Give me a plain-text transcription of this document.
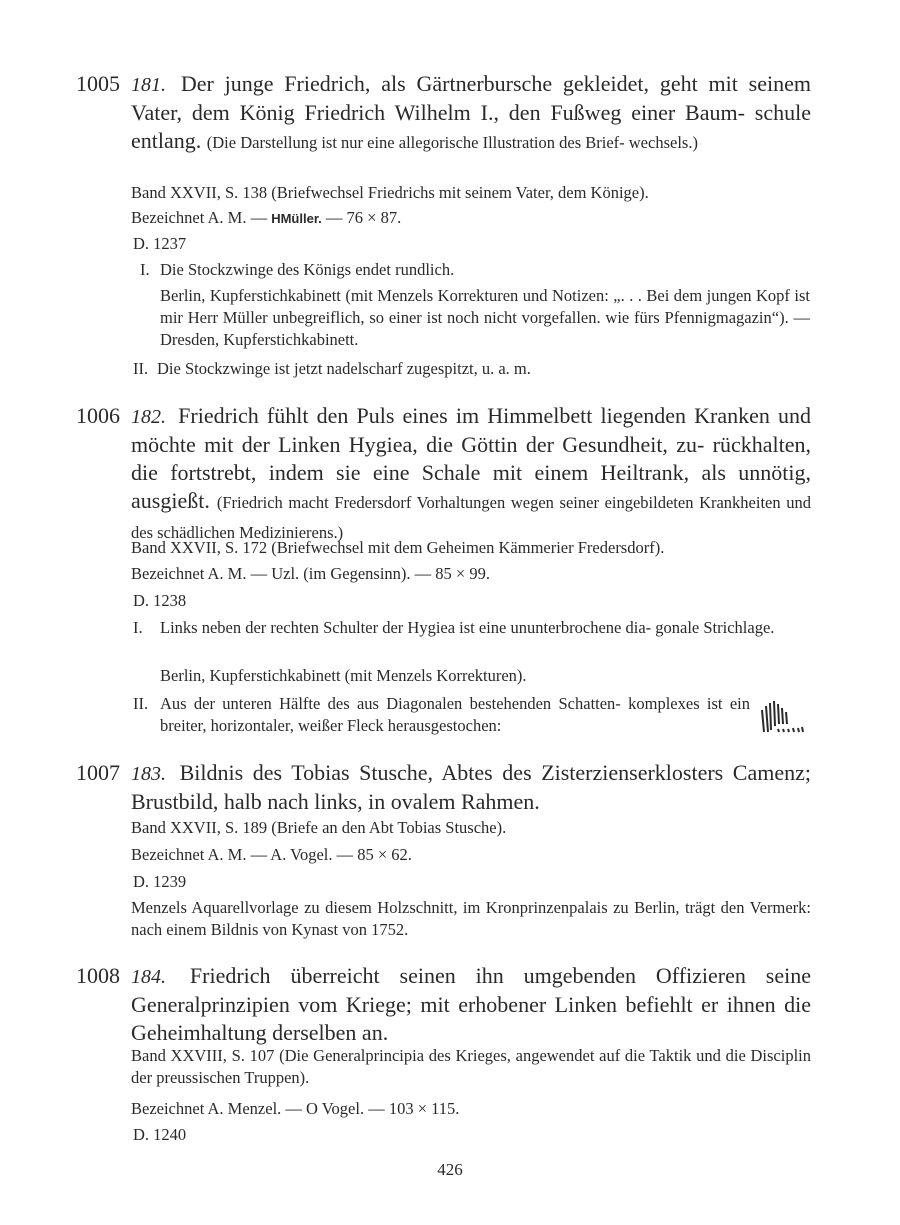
1005 181. Der junge Friedrich, als Gärtnerbursche gekleidet, geht mit seinem Vater, dem König Friedrich Wilhelm I., den Fußweg einer Baum- schule entlang. (Die Darstellung ist nur eine allegorische Illustration des Brief- wechsels.)
Band XXVII, S. 138 (Briefwechsel Friedrichs mit seinem Vater, dem Könige).
Bezeichnet A. M. — HMüller. — 76 × 87.
D. 1237
I. Die Stockzwinge des Königs endet rundlich.
Berlin, Kupferstichkabinett (mit Menzels Korrekturen und Notizen: „. . . Bei dem jungen Kopf ist mir Herr Müller unbegreiflich, so einer ist noch nicht vorgefallen. wie fürs Pfennigmagazin“). — Dresden, Kupferstichkabinett.
II. Die Stockzwinge ist jetzt nadelscharf zugespitzt, u. a. m.
1006 182. Friedrich fühlt den Puls eines im Himmelbett liegenden Kranken und möchte mit der Linken Hygiea, die Göttin der Gesundheit, zu- rückhalten, die fortstrebt, indem sie eine Schale mit einem Heiltrank, als unnötig, ausgießt. (Friedrich macht Fredersdorf Vorhaltungen wegen seiner eingebildeten Krankheiten und des schädlichen Medizinierens.)
Band XXVII, S. 172 (Briefwechsel mit dem Geheimen Kämmerier Fredersdorf).
Bezeichnet A. M. — Uzl. (im Gegensinn). — 85 × 99.
D. 1238
I. Links neben der rechten Schulter der Hygiea ist eine ununterbrochene dia- gonale Strichlage.
Berlin, Kupferstichkabinett (mit Menzels Korrekturen).
II. Aus der unteren Hälfte des aus Diagonalen bestehenden Schatten- komplexes ist ein breiter, horizontaler, weißer Fleck herausgestochen:
1007 183. Bildnis des Tobias Stusche, Abtes des Zisterzienserklosters Camenz; Brustbild, halb nach links, in ovalem Rahmen.
Band XXVII, S. 189 (Briefe an den Abt Tobias Stusche).
Bezeichnet A. M. — A. Vogel. — 85 × 62.
D. 1239
Menzels Aquarellvorlage zu diesem Holzschnitt, im Kronprinzenpalais zu Berlin, trägt den Vermerk: nach einem Bildnis von Kynast von 1752.
1008 184. Friedrich überreicht seinen ihn umgebenden Offizieren seine Generalprinzipien vom Kriege; mit erhobener Linken befiehlt er ihnen die Geheimhaltung derselben an.
Band XXVIII, S. 107 (Die Generalprincipia des Krieges, angewendet auf die Taktik und die Disciplin der preussischen Truppen).
Bezeichnet A. Menzel. — O Vogel. — 103 × 115.
D. 1240
426
